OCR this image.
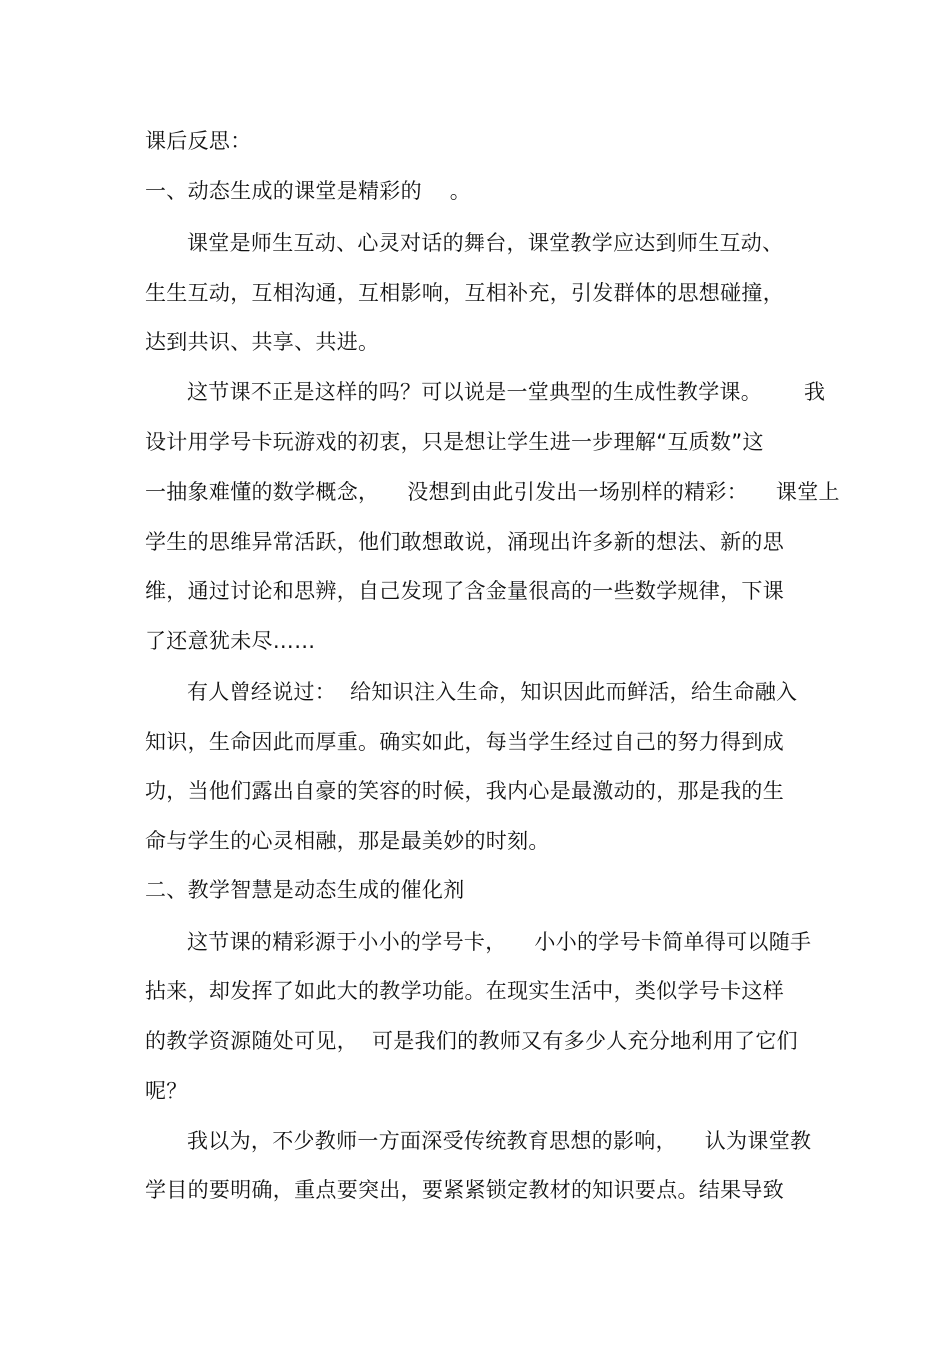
课后反思：
一、动态生成的课堂是精彩的    。
课堂是师生互动、心灵对话的舞台，课堂教学应达到师生互动、
生生互动，互相沟通，互相影响，互相补充，引发群体的思想碰撞，
达到共识、共享、共进。
这节课不正是这样的吗？可以说是一堂典型的生成性教学课。      我
设计用学号卡玩游戏的初衷，只是想让学生进一步理解“互质数”这
一抽象难懂的数学概念，    没想到由此引发出一场别样的精彩：    课堂上
学生的思维异常活跃，他们敢想敢说，涌现出许多新的想法、新的思
维，通过讨论和思辨，自己发现了含金量很高的一些数学规律，下课
了还意犹未尽……
有人曾经说过：  给知识注入生命，知识因此而鲜活，给生命融入
知识，生命因此而厚重。确实如此，每当学生经过自己的努力得到成
功，当他们露出自豪的笑容的时候，我内心是最激动的，那是我的生
命与学生的心灵相融，那是最美妙的时刻。
二、教学智慧是动态生成的催化剂
这节课的精彩源于小小的学号卡，    小小的学号卡简单得可以随手
拈来，却发挥了如此大的教学功能。在现实生活中，类似学号卡这样
的教学资源随处可见，  可是我们的教师又有多少人充分地利用了它们
呢？
我以为，不少教师一方面深受传统教育思想的影响，    认为课堂教
学目的要明确，重点要突出，要紧紧锁定教材的知识要点。结果导致
